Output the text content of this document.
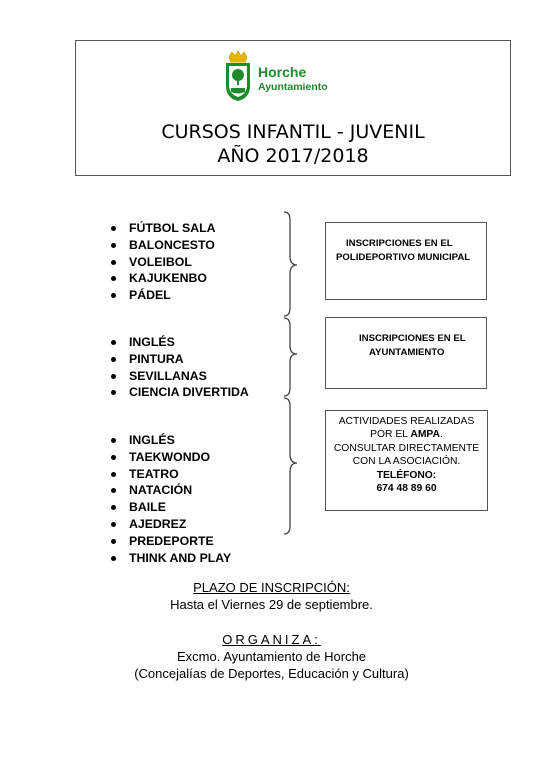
Horche
Ayuntamiento
CURSOS INFANTIL - JUVENIL
AÑO 2017/2018
FÚTBOL SALA
BALONCESTO
VOLEIBOL
KAJUKENBO
PÁDEL
INGLÉS
PINTURA
SEVILLANAS
CIENCIA DIVERTIDA
INGLÉS
TAEKWONDO
TEATRO
NATACIÓN
BAILE
AJEDREZ
PREDEPORTE
THINK AND PLAY
INSCRIPCIONES EN EL
POLIDEPORTIVO MUNICIPAL
INSCRIPCIONES EN EL
AYUNTAMIENTO
ACTIVIDADES REALIZADAS
POR EL AMPA.
CONSULTAR DIRECTAMENTE
CON LA ASOCIACIÓN.
TELÉFONO:
674 48 89 60
PLAZO DE INSCRIPCIÓN:
Hasta el Viernes 29 de septiembre.
ORGANIZA:
Excmo. Ayuntamiento de Horche
(Concejalías de Deportes, Educación y Cultura)
